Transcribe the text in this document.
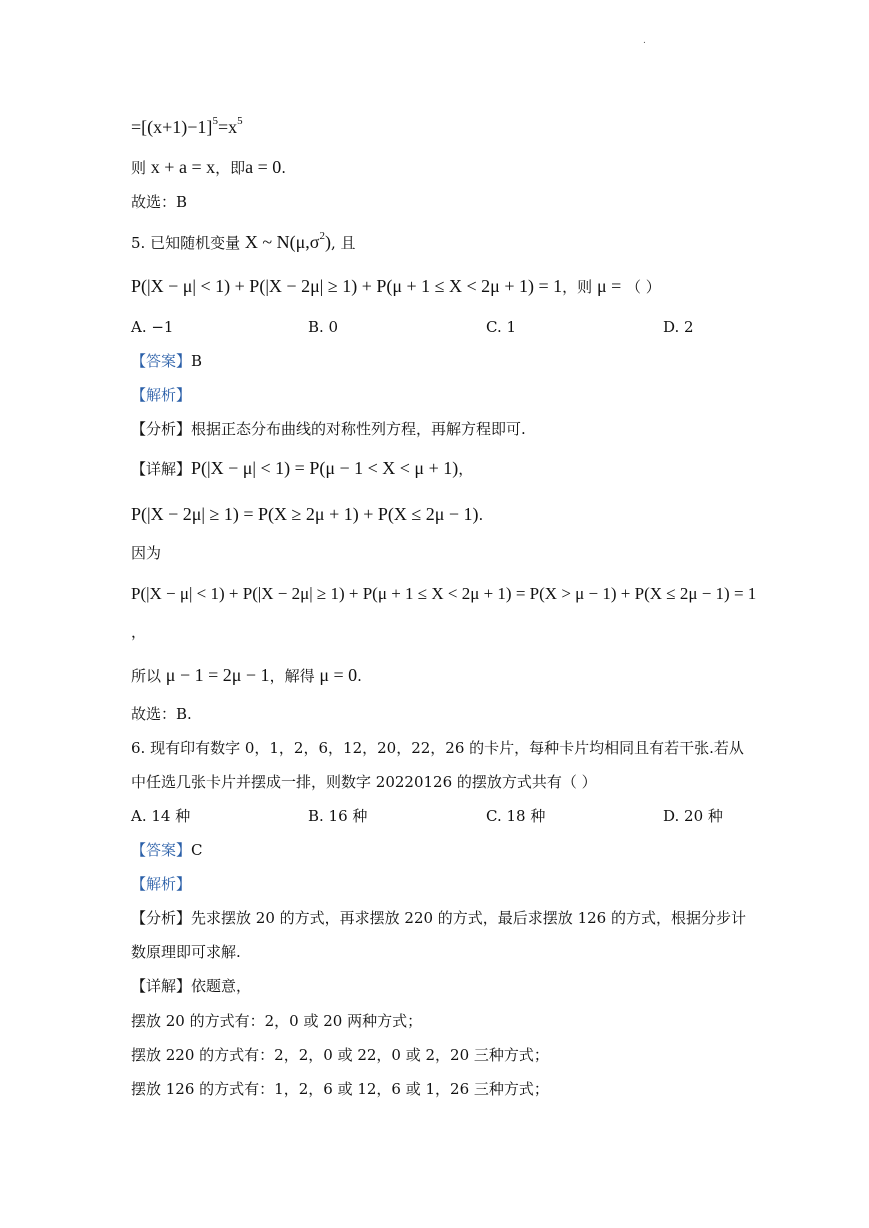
.
$=[(x+1)-1]^5=x^5$
则 x + a = x，即a = 0.
故选：B
5. 已知随机变量 X ~ $N(\mu,\sigma^2)$, 且
P(|X − μ| < 1) + P(|X − 2μ| ≥ 1) + P(μ + 1 ≤ X < 2μ + 1) = 1，则 μ = （ ）
A. −1	B. 0	C. 1	D. 2
【答案】B
【解析】
【分析】根据正态分布曲线的对称性列方程，再解方程即可.
【详解】P(|X − μ| < 1) = P(μ − 1 < X < μ + 1)，
P(|X − 2μ| ≥ 1) = P(X ≥ 2μ + 1) + P(X ≤ 2μ − 1).
因为
P(|X − μ| < 1) + P(|X − 2μ| ≥ 1) + P(μ + 1 ≤ X < 2μ + 1) = P(X > μ − 1) + P(X ≤ 2μ − 1) = 1
，
所以 μ − 1 = 2μ − 1，解得 μ = 0.
故选：B.
6. 现有印有数字 0，1，2，6，12，20，22，26 的卡片，每种卡片均相同且有若干张.若从
中任选几张卡片并摆成一排，则数字 20220126 的摆放方式共有（ ）
A. 14 种	B. 16 种	C. 18 种	D. 20 种
【答案】C
【解析】
【分析】先求摆放 20 的方式，再求摆放 220 的方式，最后求摆放 126 的方式，根据分步计
数原理即可求解.
【详解】依题意，
摆放 20 的方式有：2，0 或 20 两种方式；
摆放 220 的方式有：2，2，0 或 22，0 或 2，20 三种方式；
摆放 126 的方式有：1，2，6 或 12，6 或 1，26 三种方式；
